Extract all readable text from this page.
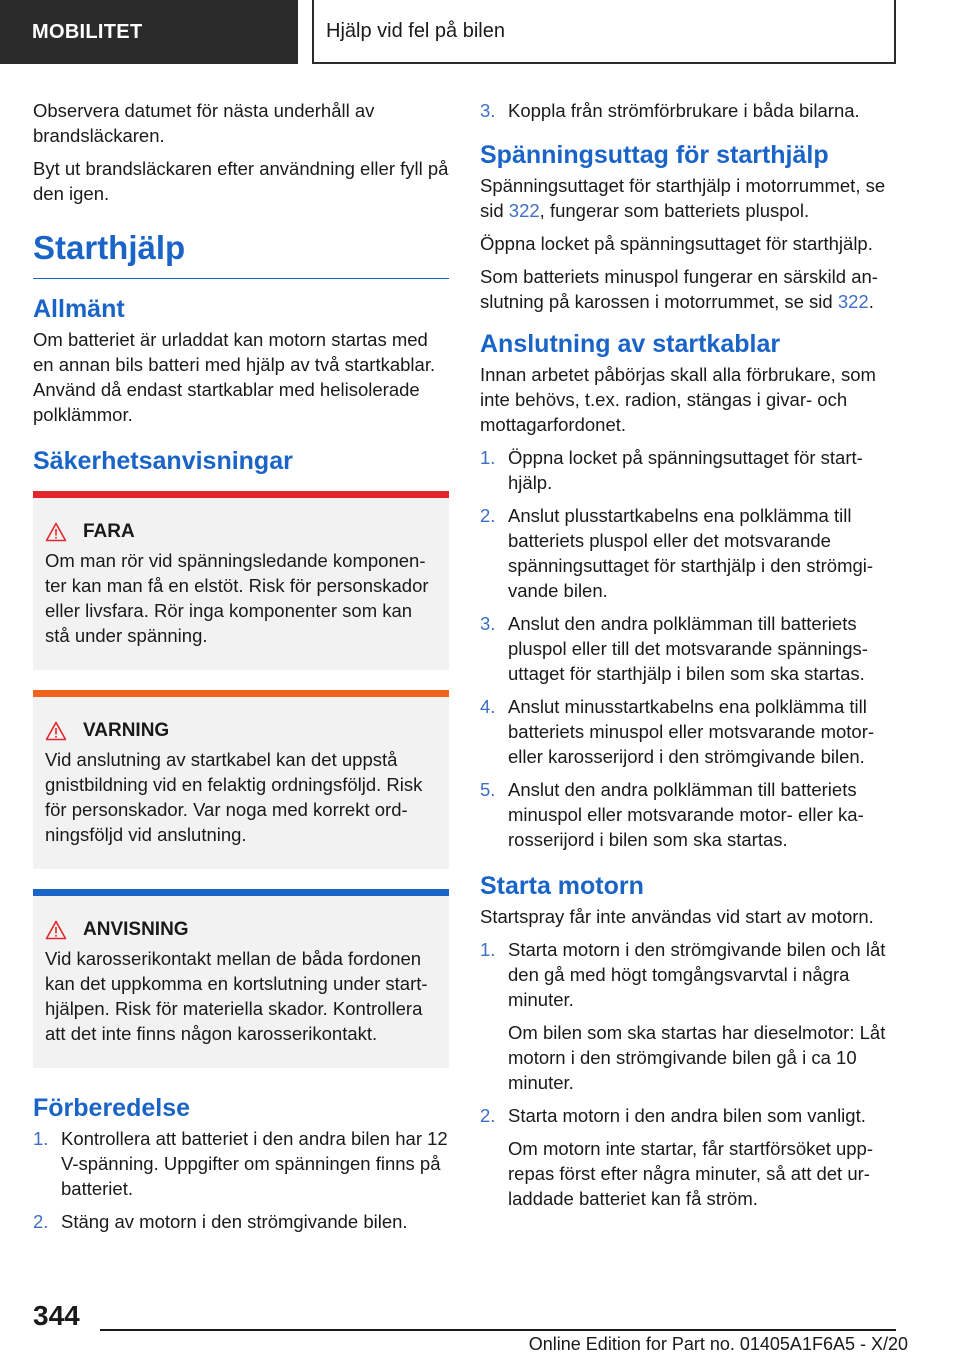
MOBILITET	Hjälp vid fel på bilen

Observera datumet för nästa underhåll av brandsläckaren.

Byt ut brandsläckaren efter användning eller fyll på den igen.

Starthjälp
Allmänt

Om batteriet är urladdat kan motorn startas med en annan bils batteri med hjälp av två startkablar. Använd då endast startkablar med helisolerade polklämmor.

Säkerhetsanvisningar
FARA

Om man rör vid spänningsledande komponenter kan man få en elstöt. Risk för personskador eller livsfara. Rör inga komponenter som kan stå under spänning.

VARNING

Vid anslutning av startkabel kan det uppstå gnistbildning vid en felaktig ordningsföljd. Risk för personskador. Var noga med korrekt ordningsföljd vid anslutning.

ANVISNING

Vid karosserikontakt mellan de båda fordonen kan det uppkomma en kortslutning under starthjälpen. Risk för materiella skador. Kontrollera att det inte finns någon karosserikontakt.

Förberedelse
1. Kontrollera att batteriet i den andra bilen har 12 V-spänning. Uppgifter om spänningen finns på batteriet.
2. Stäng av motorn i den strömgivande bilen.
3. Koppla från strömförbrukare i båda bilarna.
Spänningsuttag för starthjälp

Spänningsuttaget för starthjälp i motorrummet, se sid 322, fungerar som batteriets pluspol.

Öppna locket på spänningsuttaget för starthjälp.

Som batteriets minuspol fungerar en särskild anslutning på karossen i motorrummet, se sid 322.

Anslutning av startkablar

Innan arbetet påbörjas skall alla förbrukare, som inte behövs, t.ex. radion, stängas i givar- och mottagarfordonet.

1. Öppna locket på spänningsuttaget för starthjälp.
2. Anslut plusstartkabelns ena polklämma till batteriets pluspol eller det motsvarande spänningsuttaget för starthjälp i den strömgivande bilen.
3. Anslut den andra polklämman till batteriets pluspol eller till det motsvarande spänningsuttaget för starthjälp i bilen som ska startas.
4. Anslut minusstartkabelns ena polklämma till batteriets minuspol eller motsvarande motor- eller karosserijord i den strömgivande bilen.
5. Anslut den andra polklämman till batteriets minuspol eller motsvarande motor- eller karosserijord i bilen som ska startas.
Starta motorn

Startspray får inte användas vid start av motorn.

1. Starta motorn i den strömgivande bilen och låt den gå med högt tomgångsvarvtal i några minuter.
Om bilen som ska startas har dieselmotor: Låt motorn i den strömgivande bilen gå i ca 10 minuter.
2. Starta motorn i den andra bilen som vanligt.
Om motorn inte startar, får startförsöket upprepas först efter några minuter, så att det urladdade batteriet kan få ström.
344
Online Edition for Part no. 01405A1F6A5 - X/20
